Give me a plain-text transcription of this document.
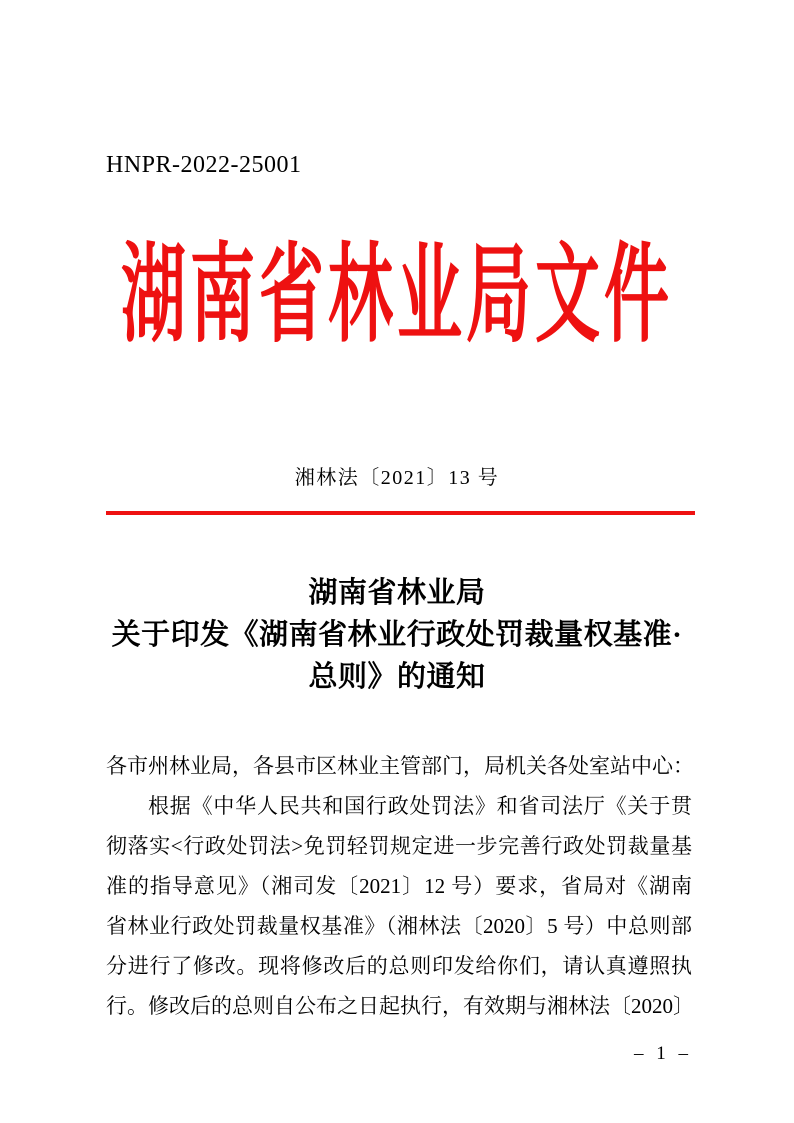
HNPR-2022-25001
湖南省林业局文件
湘林法〔2021〕13 号
湖南省林业局
关于印发《湖南省林业行政处罚裁量权基准·
总则》的通知
各市州林业局，各县市区林业主管部门，局机关各处室站中心：
根据《中华人民共和国行政处罚法》和省司法厅《关于贯
彻落实<行政处罚法>免罚轻罚规定进一步完善行政处罚裁量基
准的指导意见》（湘司发〔2021〕12 号）要求，省局对《湖南
省林业行政处罚裁量权基准》（湘林法〔2020〕5 号）中总则部
分进行了修改。现将修改后的总则印发给你们，请认真遵照执
行。修改后的总则自公布之日起执行，有效期与湘林法〔2020〕
– 1 –
